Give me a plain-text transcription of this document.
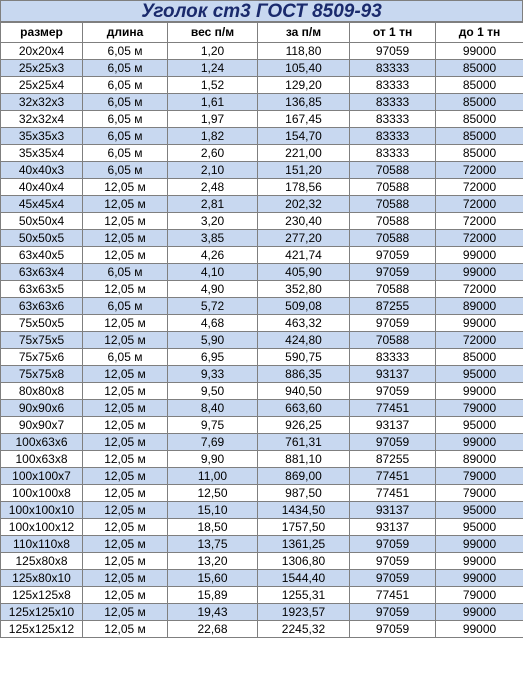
Уголок ст3 ГОСТ 8509-93
размер	длина	вес п/м	за п/м	от 1 тн	до 1 тн
20x20x4	6,05 м	1,20	118,80	97059	99000
25x25x3	6,05 м	1,24	105,40	83333	85000
25x25x4	6,05 м	1,52	129,20	83333	85000
32x32x3	6,05 м	1,61	136,85	83333	85000
32x32x4	6,05 м	1,97	167,45	83333	85000
35x35x3	6,05 м	1,82	154,70	83333	85000
35x35x4	6,05 м	2,60	221,00	83333	85000
40x40x3	6,05 м	2,10	151,20	70588	72000
40x40x4	12,05 м	2,48	178,56	70588	72000
45x45x4	12,05 м	2,81	202,32	70588	72000
50x50x4	12,05 м	3,20	230,40	70588	72000
50x50x5	12,05 м	3,85	277,20	70588	72000
63x40x5	12,05 м	4,26	421,74	97059	99000
63x63x4	6,05 м	4,10	405,90	97059	99000
63x63x5	12,05 м	4,90	352,80	70588	72000
63x63x6	6,05 м	5,72	509,08	87255	89000
75x50x5	12,05 м	4,68	463,32	97059	99000
75x75x5	12,05 м	5,90	424,80	70588	72000
75x75x6	6,05 м	6,95	590,75	83333	85000
75x75x8	12,05 м	9,33	886,35	93137	95000
80x80x8	12,05 м	9,50	940,50	97059	99000
90x90x6	12,05 м	8,40	663,60	77451	79000
90x90x7	12,05 м	9,75	926,25	93137	95000
100x63x6	12,05 м	7,69	761,31	97059	99000
100x63x8	12,05 м	9,90	881,10	87255	89000
100x100x7	12,05 м	11,00	869,00	77451	79000
100x100x8	12,05 м	12,50	987,50	77451	79000
100x100x10	12,05 м	15,10	1434,50	93137	95000
100x100x12	12,05 м	18,50	1757,50	93137	95000
110x110x8	12,05 м	13,75	1361,25	97059	99000
125x80x8	12,05 м	13,20	1306,80	97059	99000
125x80x10	12,05 м	15,60	1544,40	97059	99000
125x125x8	12,05 м	15,89	1255,31	77451	79000
125x125x10	12,05 м	19,43	1923,57	97059	99000
125x125x12	12,05 м	22,68	2245,32	97059	99000
